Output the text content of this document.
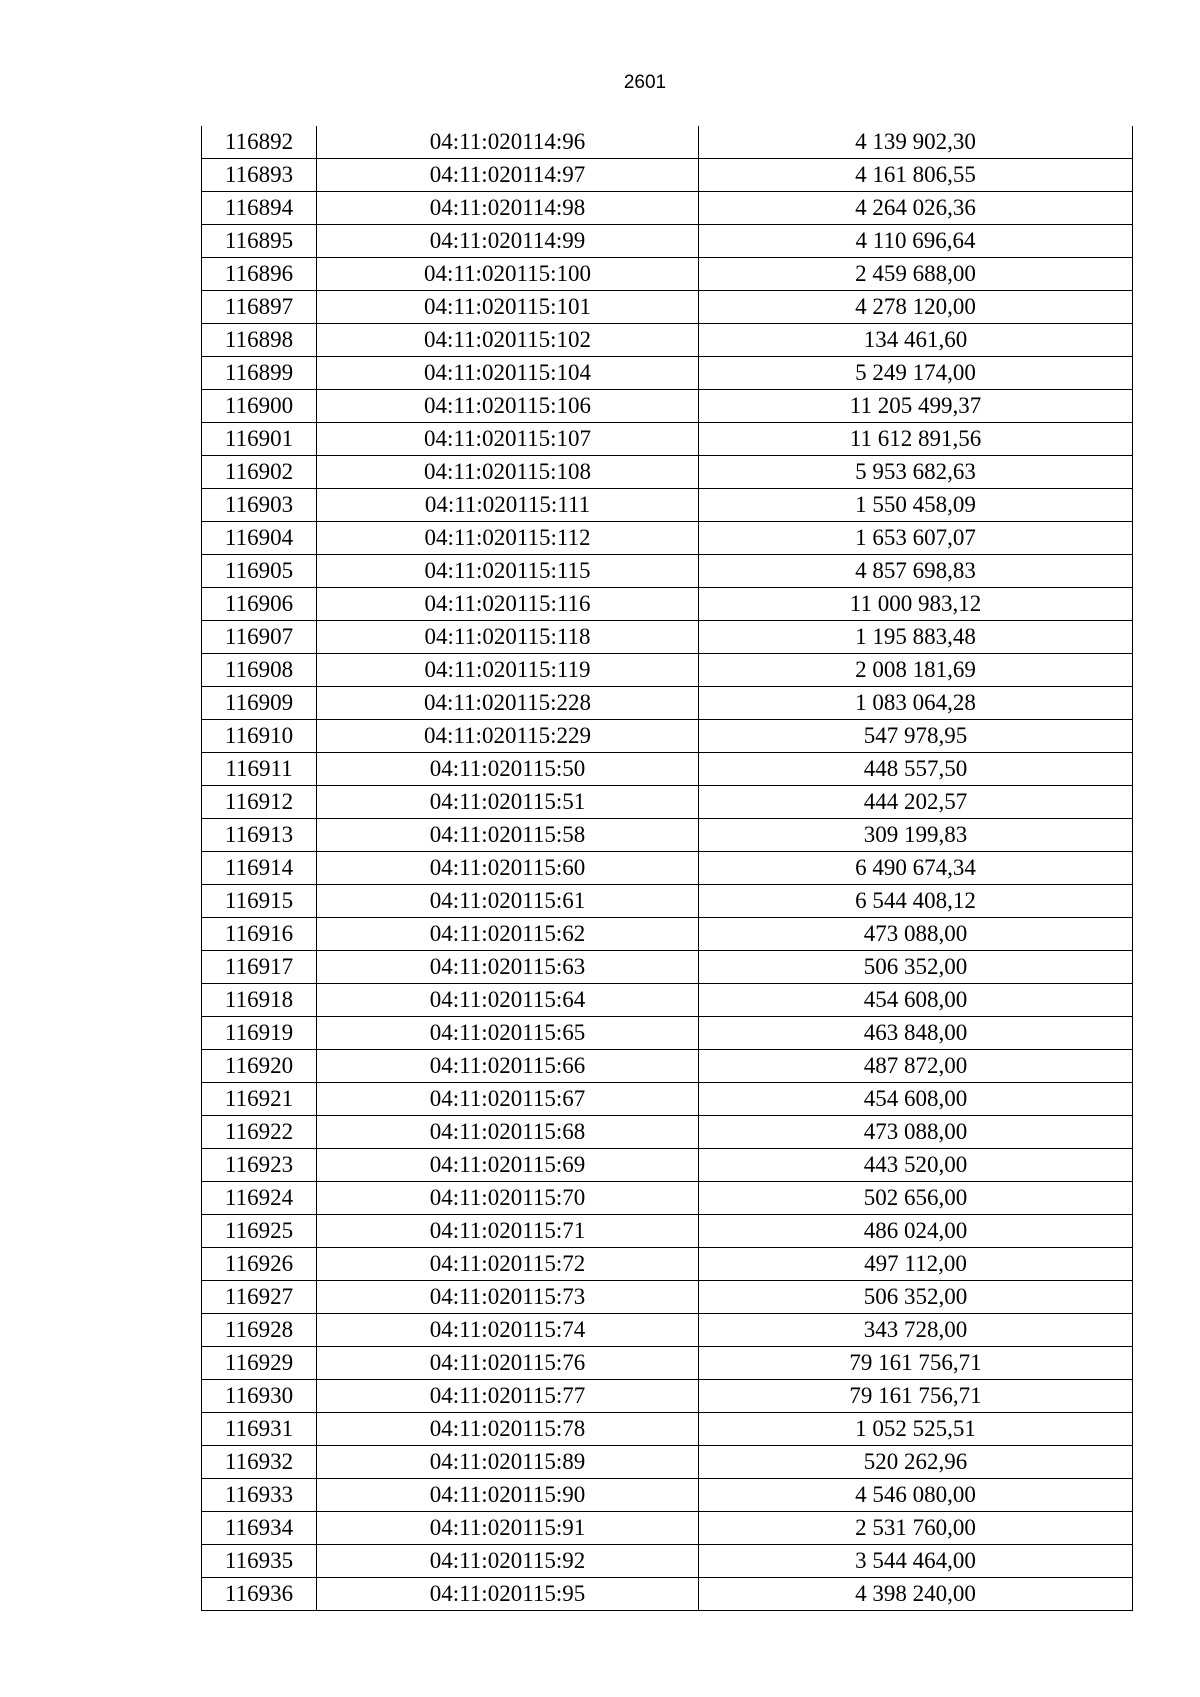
2601
116892	04:11:020114:96	4 139 902,30
116893	04:11:020114:97	4 161 806,55
116894	04:11:020114:98	4 264 026,36
116895	04:11:020114:99	4 110 696,64
116896	04:11:020115:100	2 459 688,00
116897	04:11:020115:101	4 278 120,00
116898	04:11:020115:102	134 461,60
116899	04:11:020115:104	5 249 174,00
116900	04:11:020115:106	11 205 499,37
116901	04:11:020115:107	11 612 891,56
116902	04:11:020115:108	5 953 682,63
116903	04:11:020115:111	1 550 458,09
116904	04:11:020115:112	1 653 607,07
116905	04:11:020115:115	4 857 698,83
116906	04:11:020115:116	11 000 983,12
116907	04:11:020115:118	1 195 883,48
116908	04:11:020115:119	2 008 181,69
116909	04:11:020115:228	1 083 064,28
116910	04:11:020115:229	547 978,95
116911	04:11:020115:50	448 557,50
116912	04:11:020115:51	444 202,57
116913	04:11:020115:58	309 199,83
116914	04:11:020115:60	6 490 674,34
116915	04:11:020115:61	6 544 408,12
116916	04:11:020115:62	473 088,00
116917	04:11:020115:63	506 352,00
116918	04:11:020115:64	454 608,00
116919	04:11:020115:65	463 848,00
116920	04:11:020115:66	487 872,00
116921	04:11:020115:67	454 608,00
116922	04:11:020115:68	473 088,00
116923	04:11:020115:69	443 520,00
116924	04:11:020115:70	502 656,00
116925	04:11:020115:71	486 024,00
116926	04:11:020115:72	497 112,00
116927	04:11:020115:73	506 352,00
116928	04:11:020115:74	343 728,00
116929	04:11:020115:76	79 161 756,71
116930	04:11:020115:77	79 161 756,71
116931	04:11:020115:78	1 052 525,51
116932	04:11:020115:89	520 262,96
116933	04:11:020115:90	4 546 080,00
116934	04:11:020115:91	2 531 760,00
116935	04:11:020115:92	3 544 464,00
116936	04:11:020115:95	4 398 240,00
